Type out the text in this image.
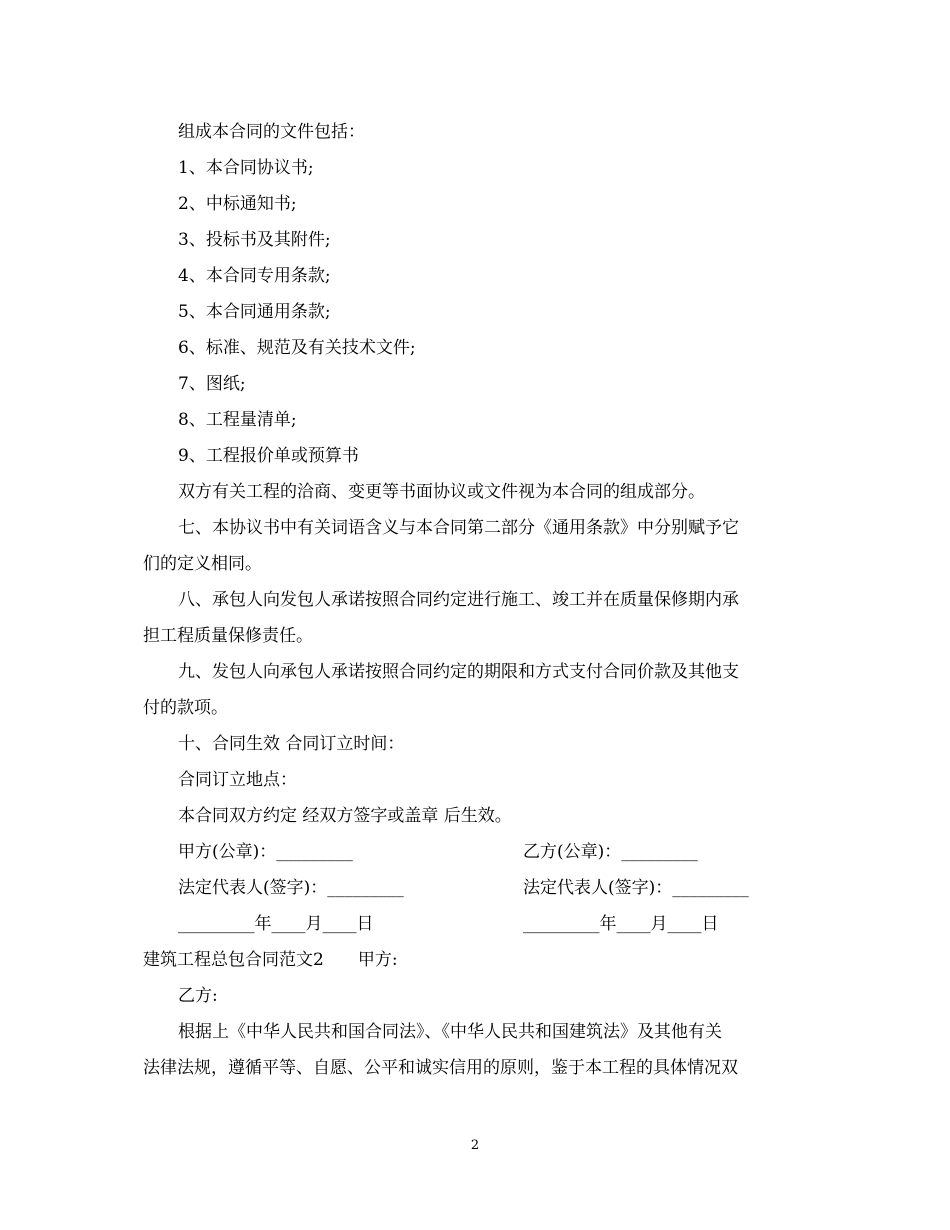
组成本合同的文件包括：
1、本合同协议书;
2、中标通知书;
3、投标书及其附件;
4、本合同专用条款;
5、本合同通用条款;
6、标准、规范及有关技术文件;
7、图纸;
8、工程量清单;
9、工程报价单或预算书
双方有关工程的洽商、变更等书面协议或文件视为本合同的组成部分。
七、本协议书中有关词语含义与本合同第二部分《通用条款》中分别赋予它
们的定义相同。
八、承包人向发包人承诺按照合同约定进行施工、竣工并在质量保修期内承
担工程质量保修责任。
九、发包人向承包人承诺按照合同约定的期限和方式支付合同价款及其他支
付的款项。
十、合同生效 合同订立时间：
合同订立地点：
本合同双方约定 经双方签字或盖章 后生效。
甲方(公章)：_________	乙方(公章)：_________
法定代表人(签字)：_________	法定代表人(签字)：_________
_________年____月____日	_________年____月____日
建筑工程总包合同范文2　　甲方:
乙方:
根据上《中华人民共和国合同法》、《中华人民共和国建筑法》及其他有关
法律法规，遵循平等、自愿、公平和诚实信用的原则，鉴于本工程的具体情况双
2
